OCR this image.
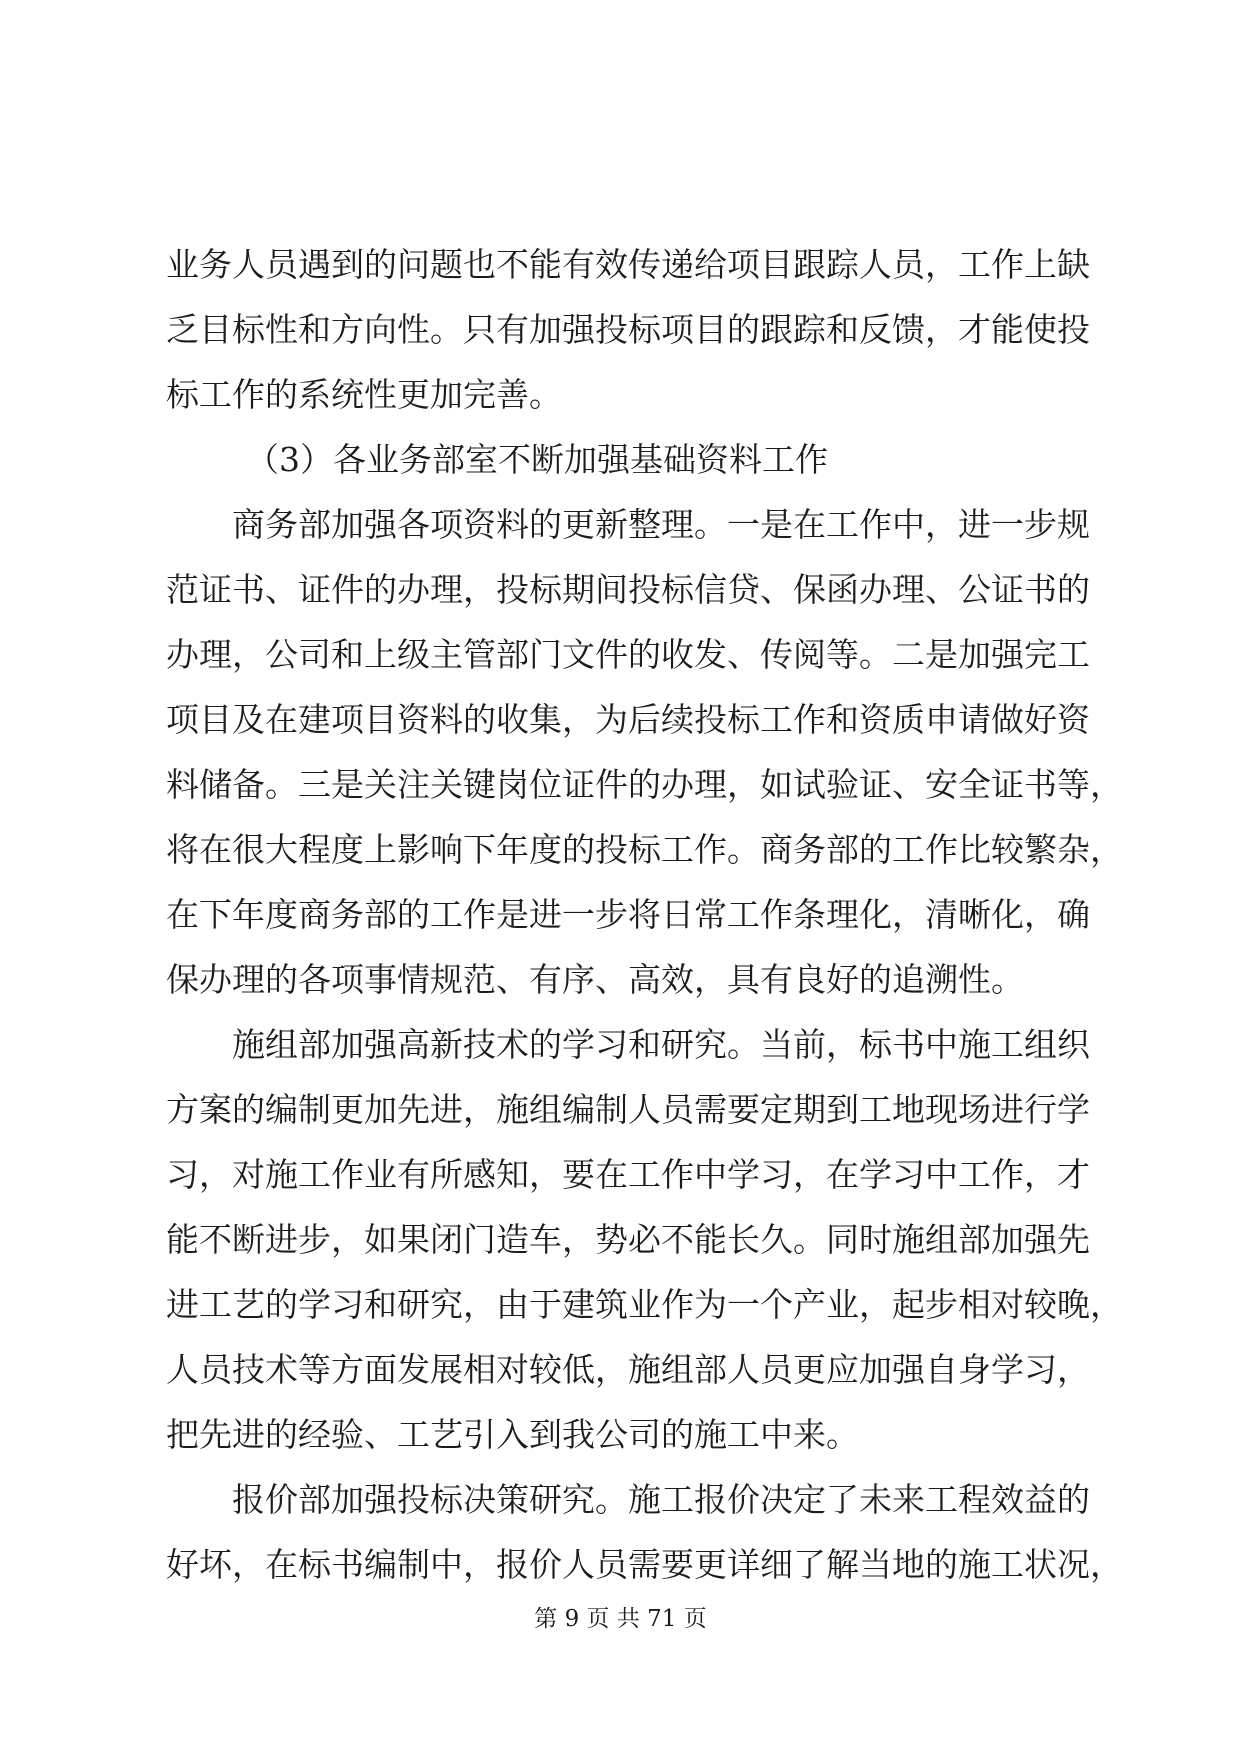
业务人员遇到的问题也不能有效传递给项目跟踪人员，工作上缺
乏目标性和方向性。只有加强投标项目的跟踪和反馈，才能使投
标工作的系统性更加完善。
（3）各业务部室不断加强基础资料工作
商务部加强各项资料的更新整理。一是在工作中，进一步规
范证书、证件的办理，投标期间投标信贷、保函办理、公证书的
办理，公司和上级主管部门文件的收发、传阅等。二是加强完工
项目及在建项目资料的收集，为后续投标工作和资质申请做好资
料储备。三是关注关键岗位证件的办理，如试验证、安全证书等，
将在很大程度上影响下年度的投标工作。商务部的工作比较繁杂，
在下年度商务部的工作是进一步将日常工作条理化，清晰化，确
保办理的各项事情规范、有序、高效，具有良好的追溯性。
施组部加强高新技术的学习和研究。当前，标书中施工组织
方案的编制更加先进，施组编制人员需要定期到工地现场进行学
习，对施工作业有所感知，要在工作中学习，在学习中工作，才
能不断进步，如果闭门造车，势必不能长久。同时施组部加强先
进工艺的学习和研究，由于建筑业作为一个产业，起步相对较晚，
人员技术等方面发展相对较低，施组部人员更应加强自身学习，
把先进的经验、工艺引入到我公司的施工中来。
报价部加强投标决策研究。施工报价决定了未来工程效益的
好坏，在标书编制中，报价人员需要更详细了解当地的施工状况，
第 9 页 共 71 页
